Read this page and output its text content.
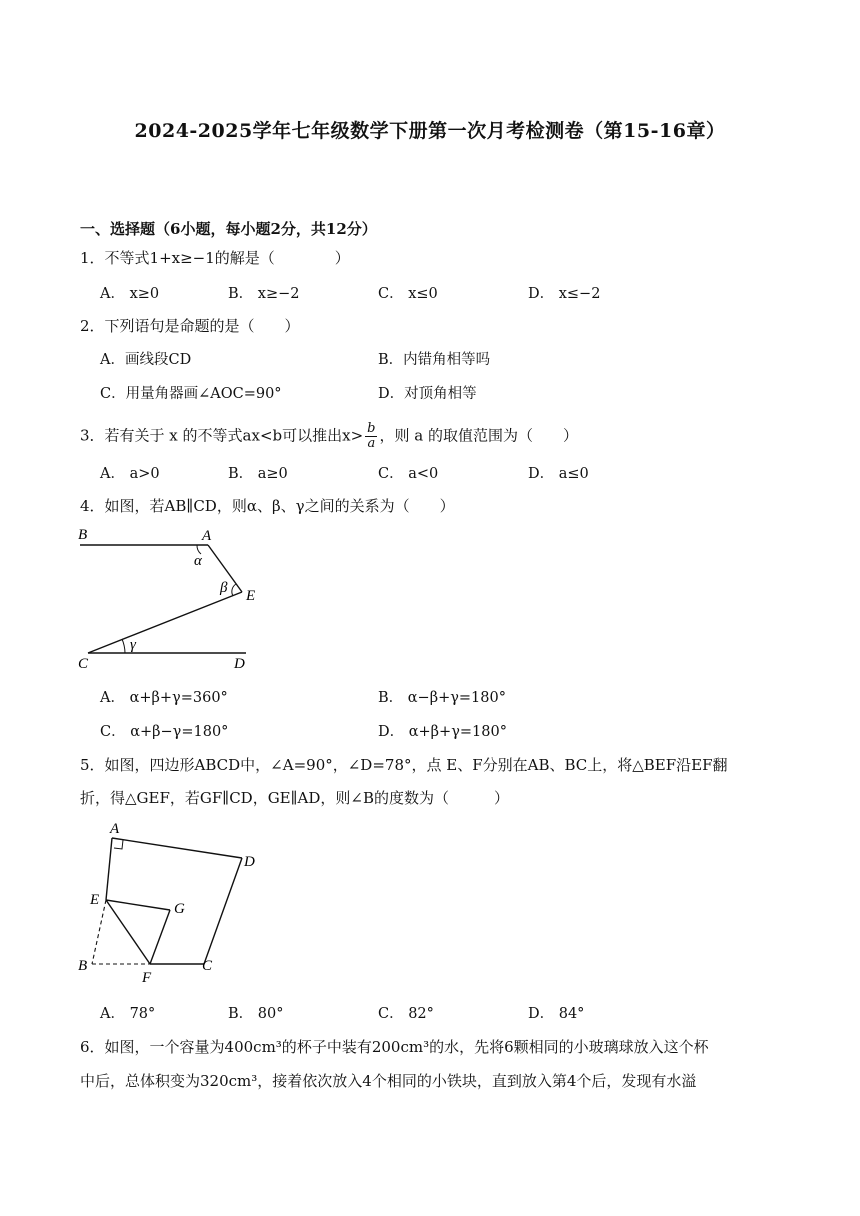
2024-2025学年七年级数学下册第一次月考检测卷（第15-16章）
一、选择题（6小题，每小题2分，共12分）
1．不等式1+x≥−1的解是（　　　　）
A． x≥0	B． x≥−2	C． x≤0	D． x≤−2
2．下列语句是命题的是（　　）
A．画线段CD	B．内错角相等吗
C．用量角器画∠AOC=90°	D．对顶角相等
3．若有关于 x 的不等式ax<b可以推出$x> \frac{b}{a}$ ，则 a 的取值范围为（　　）
A． a>0	B． a≥0	C． a<0	D． a≤0
4．如图，若AB∥CD，则α、β、γ之间的关系为（　　）
B	A
α
β E
γ
C	D
A． α+β+γ=360°	B． α−β+γ=180°
C． α+β−γ=180°	D． α+β+γ=180°
5．如图，四边形ABCD中，∠A=90°，∠D=78°，点 E、F分别在AB、BC上，将△BEF沿EF翻
折，得△GEF，若GF∥CD，GE∥AD，则∠B的度数为（　　　）
A
D
E
G
B
F
C
A． 78°	B． 80°	C． 82°	D． 84°
6．如图，一个容量为400cm³的杯子中装有200cm³的水，先将6颗相同的小玻璃球放入这个杯
中后，总体积变为320cm³，接着依次放入4个相同的小铁块，直到放入第4个后，发现有水溢
